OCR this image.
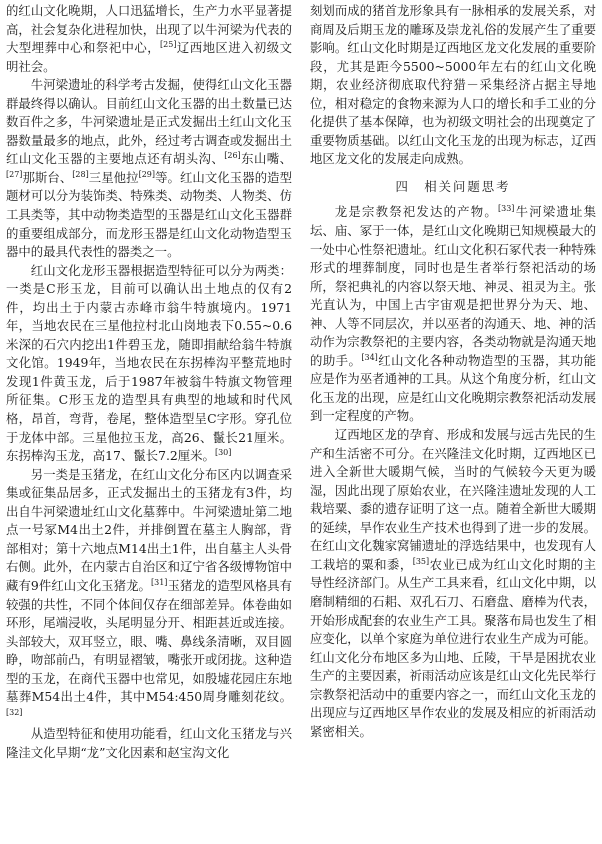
的红山文化晚期，人口迅猛增长，生产力水平显著提高，社会复杂化进程加快，出现了以牛河梁为代表的大型埋葬中心和祭祀中心，[25]辽西地区进入初级文明社会。

牛河梁遗址的科学考古发掘，使得红山文化玉器群最终得以确认。目前红山文化玉器的出土数量已达数百件之多，牛河梁遗址是正式发掘出土红山文化玉器数量最多的地点，此外，经过考古调查或发掘出土红山文化玉器的主要地点还有胡头沟、[26]东山嘴、[27]那斯台、[28]三星他拉[29]等。红山文化玉器的造型题材可以分为装饰类、特殊类、动物类、人物类、仿工具类等，其中动物类造型的玉器是红山文化玉器群的重要组成部分，而龙形玉器是红山文化动物造型玉器中的最具代表性的器类之一。

红山文化龙形玉器根据造型特征可以分为两类：一类是C形玉龙，目前可以确认出土地点的仅有2件，均出土于内蒙古赤峰市翁牛特旗境内。1971年，当地农民在三星他拉村北山岗地表下0.55~0.6米深的石穴内挖出1件碧玉龙，随即捐献给翁牛特旗文化馆。1949年，当地农民在东拐棒沟平整荒地时发现1件黄玉龙，后于1987年被翁牛特旗文物管理所征集。C形玉龙的造型具有典型的地域和时代风格，昂首，弯背，卷尾，整体造型呈C字形。穿孔位于龙体中部。三星他拉玉龙，高26、鬣长21厘米。东拐棒沟玉龙，高17、鬣长7.2厘米。[30]

另一类是玉猪龙，在红山文化分布区内以调查采集或征集品居多，正式发掘出土的玉猪龙有3件，均出自牛河梁遗址红山文化墓葬中。牛河梁遗址第二地点一号冢M4出土2件，并排倒置在墓主人胸部，背部相对；第十六地点M14出土1件，出自墓主人头骨右侧。此外，在内蒙古自治区和辽宁省各级博物馆中藏有9件红山文化玉猪龙。[31]玉猪龙的造型风格具有较强的共性，不同个体间仅存在细部差异。体卷曲如环形，尾端浸收，头尾明显分开、相距甚近或连接。头部较大，双耳竖立，眼、嘴、鼻线条清晰，双目圆睁，吻部前凸，有明显褶皱，嘴张开或闭拢。这种造型的玉龙，在商代玉器中也常见，如殷墟花园庄东地墓葬M54出土4件，其中M54:450周身雕刻花纹。[32]

从造型特征和使用功能看，红山文化玉猪龙与兴隆洼文化早期“龙”文化因素和赵宝沟文化

刻划而成的猪首龙形象具有一脉相承的发展关系，对商周及后期玉龙的雕琢及崇龙礼俗的发展产生了重要影响。红山文化时期是辽西地区龙文化发展的重要阶段，尤其是距今5500~5000年左右的红山文化晚期，农业经济彻底取代狩猎－采集经济占据主导地位，相对稳定的食物来源为人口的增长和手工业的分化提供了基本保障，也为初级文明社会的出现奠定了重要物质基础。以红山文化玉龙的出现为标志，辽西地区龙文化的发展走向成熟。

四　相关问题思考

龙是宗教祭祀发达的产物。[33]牛河梁遗址集坛、庙、冢于一体，是红山文化晚期已知规模最大的一处中心性祭祀遗址。红山文化积石冢代表一种特殊形式的埋葬制度，同时也是生者举行祭祀活动的场所，祭祀典礼的内容以祭天地、神灵、祖灵为主。张光直认为，中国上古宇宙观是把世界分为天、地、神、人等不同层次，并以巫者的沟通天、地、神的活动作为宗教祭祀的主要内容，各类动物就是沟通天地的助手。[34]红山文化各种动物造型的玉器，其功能应是作为巫者通神的工具。从这个角度分析，红山文化玉龙的出现，应是红山文化晚期宗教祭祀活动发展到一定程度的产物。

辽西地区龙的孕育、形成和发展与远古先民的生产和生活密不可分。在兴隆洼文化时期，辽西地区已进入全新世大暖期气候，当时的气候较今天更为暖湿，因此出现了原始农业，在兴隆洼遗址发现的人工栽培粟、黍的遗存证明了这一点。随着全新世大暖期的延续，旱作农业生产技术也得到了进一步的发展。在红山文化魏家窝铺遗址的浮选结果中，也发现有人工栽培的粟和黍，[35]农业已成为红山文化时期的主导性经济部门。从生产工具来看，红山文化中期，以磨制精细的石耜、双孔石刀、石磨盘、磨棒为代表，开始形成配套的农业生产工具。聚落布局也发生了相应变化，以单个家庭为单位进行农业生产成为可能。红山文化分布地区多为山地、丘陵，干旱是困扰农业生产的主要因素，祈雨活动应该是红山文化先民举行宗教祭祀活动中的重要内容之一，而红山文化玉龙的出现应与辽西地区旱作农业的发展及相应的祈雨活动紧密相关。
